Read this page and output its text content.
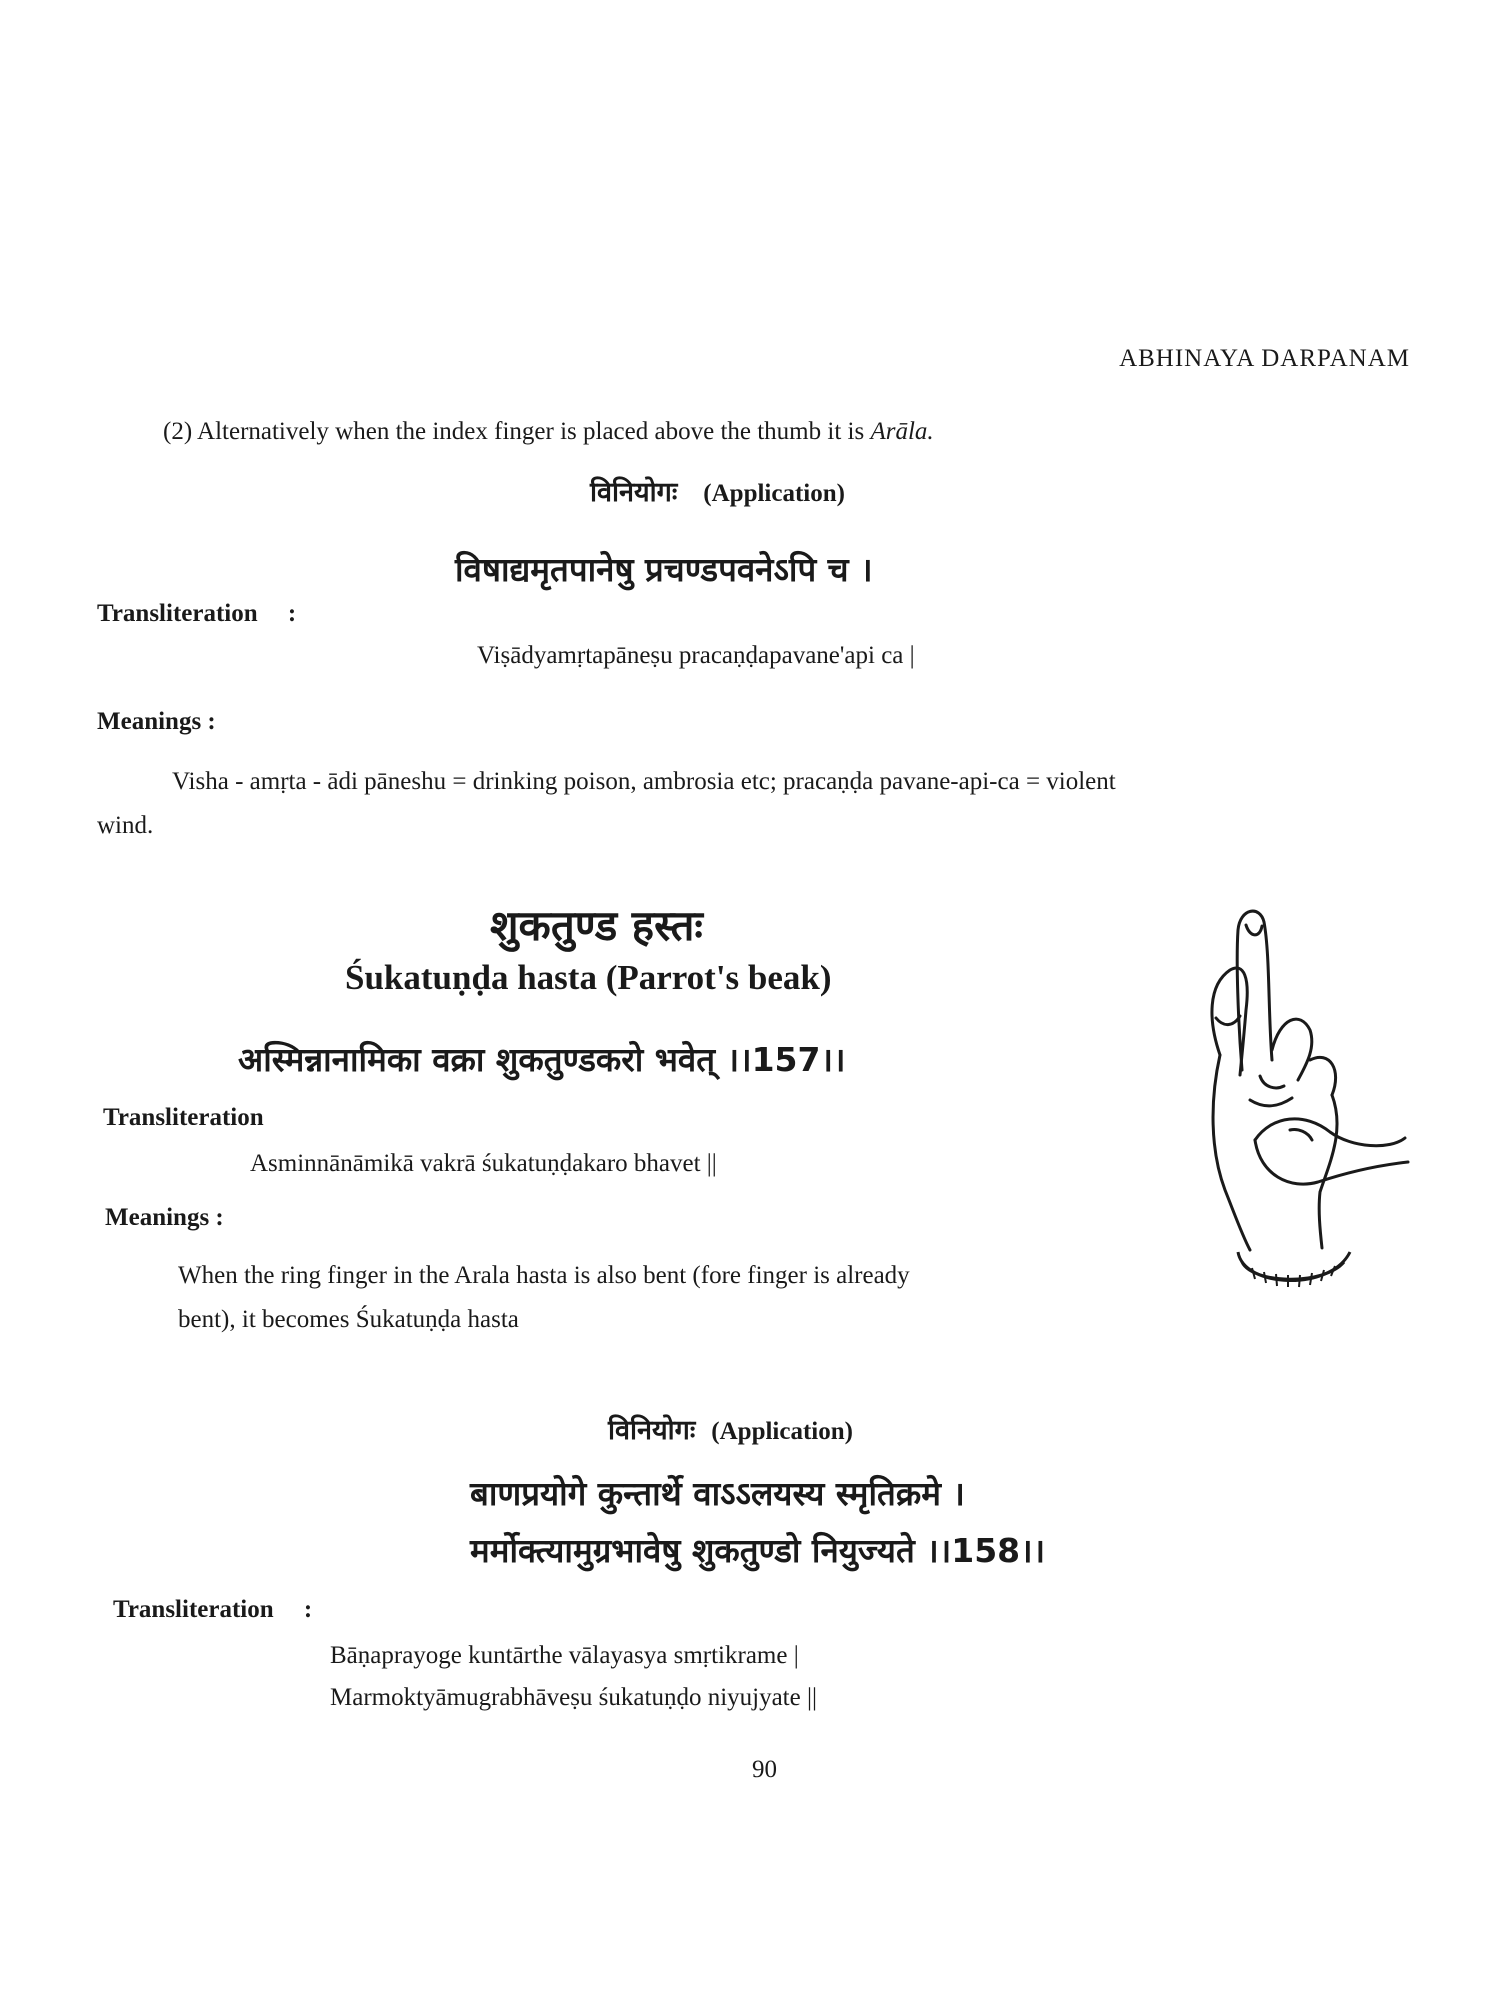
ABHINAYA DARPANAM
(2) Alternatively when the index finger is placed above the thumb it is Arāla.
विनियोगः (Application)
विषाद्यमृतपानेषु प्रचण्डपवनेऽपि च ।
Transliteration :
Viṣādyamṛtapāneṣu pracaṇḍapavane'api ca |
Meanings :
Visha - amṛta - ādi pāneshu = drinking poison, ambrosia etc; pracaṇḍa pavane-api-ca = violent
wind.
शुकतुण्ड हस्तः
Śukatuṇḍa hasta (Parrot's beak)
अस्मिन्नानामिका वक्रा शुकतुण्डकरो भवेत् ।।157।।
Transliteration
Asminnānāmikā vakrā śukatuṇḍakaro bhavet ||
Meanings :
When the ring finger in the Arala hasta is also bent (fore finger is already
bent), it becomes Śukatuṇḍa hasta
विनियोगः (Application)
बाणप्रयोगे कुन्तार्थे वाऽऽलयस्य स्मृतिक्रमे ।
मर्मोक्त्यामुग्रभावेषु शुकतुण्डो नियुज्यते ।।158।।
Transliteration :
Bāṇaprayoge kuntārthe vālayasya smṛtikrame |
Marmoktyāmugrabhāveṣu śukatuṇḍo niyujyate ||
90
